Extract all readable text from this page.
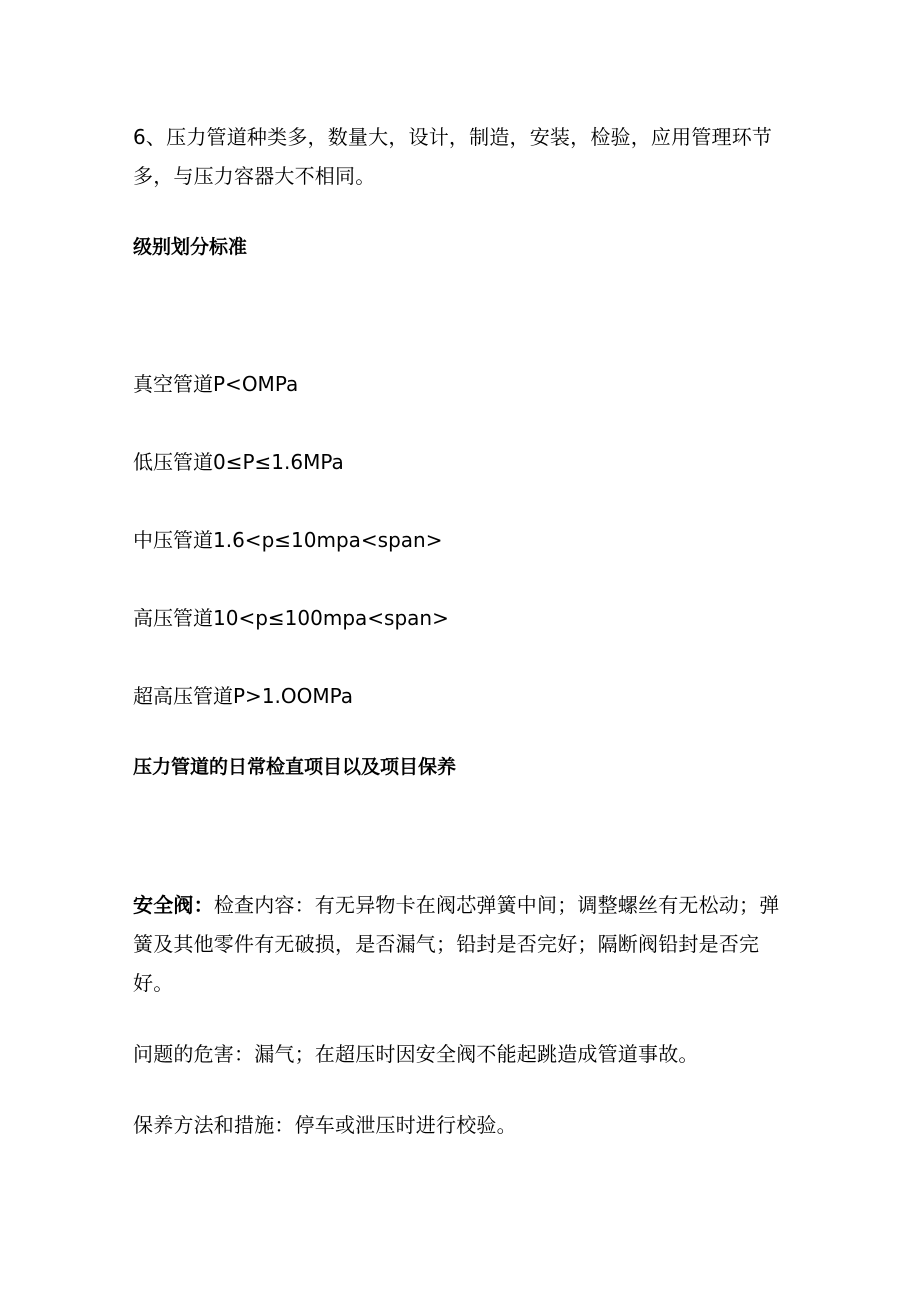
6、压力管道种类多，数量大，设计，制造，安装，检验，应用管理环节多，与压力容器大不相同。

级别划分标准

真空管道P<OMPa

低压管道0≤P≤1.6MPa

中压管道1.6<p≤10mpa<span>

高压管道10<p≤100mpa<span>

超高压管道P>1.OOMPa

压力管道的日常检直项目以及项目保养

安全阀：检查内容：有无异物卡在阀芯弹簧中间；调整螺丝有无松动；弹簧及其他零件有无破损，是否漏气；铅封是否完好；隔断阀铅封是否完好。

问题的危害：漏气；在超压时因安全阀不能起跳造成管道事故。

保养方法和措施：停车或泄压时进行校验。
